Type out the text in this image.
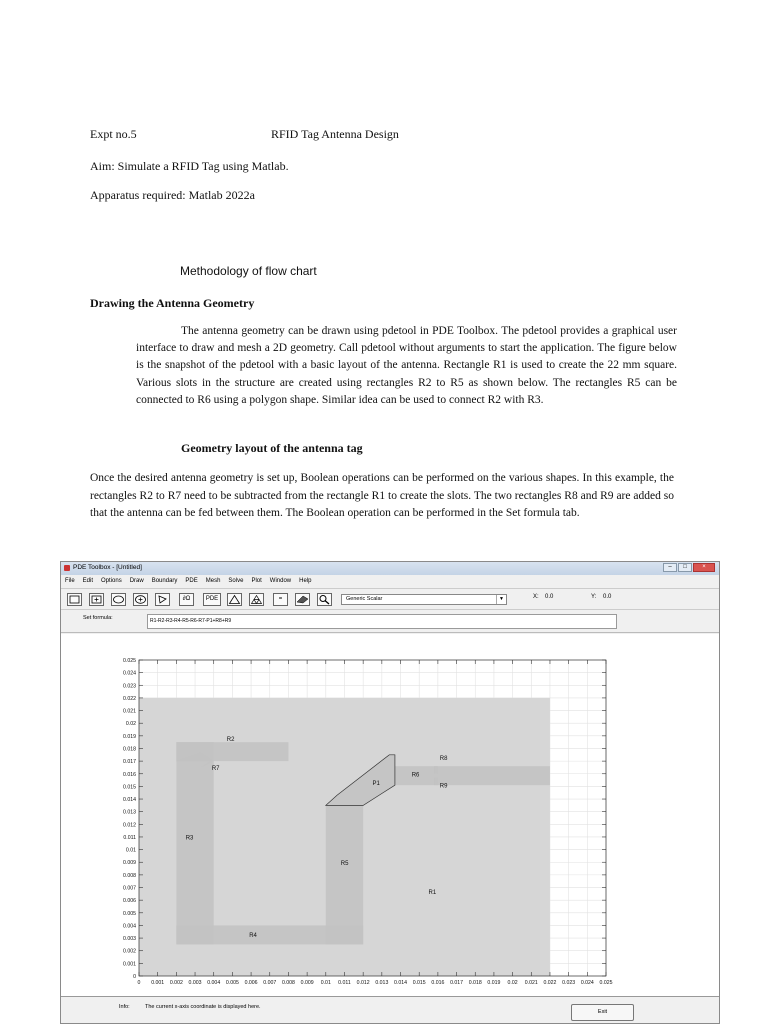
Expt no.5	RFID Tag Antenna Design
Aim: Simulate a RFID Tag using Matlab.
Apparatus required: Matlab 2022a
Methodology of flow chart
Drawing the Antenna Geometry
The antenna geometry can be drawn using pdetool in PDE Toolbox. The pdetool provides a graphical user interface to draw and mesh a 2D geometry. Call pdetool without arguments to start the application. The figure below is the snapshot of the pdetool with a basic layout of the antenna. Rectangle R1 is used to create the 22 mm square. Various slots in the structure are created using rectangles R2 to R5 as shown below. The rectangles R5 can be connected to R6 using a polygon shape. Similar idea can be used to connect R2 with R3.
Geometry layout of the antenna tag
Once the desired antenna geometry is set up, Boolean operations can be performed on the various shapes. In this example, the rectangles R2 to R7 need to be subtracted from the rectangle R1 to create the slots. The two rectangles R8 and R9 are added so that the antenna can be fed between them. The Boolean operation can be performed in the Set formula tab.
PDE Toolbox - [Untitled]	–	□	×
File Edit Options Draw Boundary PDE Mesh Solve Plot Window Help
∂Ω	PDE	=	Generic Scalar	▼	X: 0.0	Y: 0.0
Set formula:	R1-R2-R3-R4-R5-R6-R7-P1+R8+R9
R1
R2
R3
R4
R5
R6
R7
P1
R8
R9
0 0.001 0.002 0.003 0.004 0.005 0.006 0.007 0.008 0.009 0.01 0.011 0.012 0.013 0.014 0.015 0.016 0.017 0.018 0.019 0.02 0.021 0.022 0.023 0.024 0.025
0
0.001
0.002
0.003
0.004
0.005
0.006
0.007
0.008
0.009
0.01
0.011
0.012
0.013
0.014
0.015
0.016
0.017
0.018
0.019
0.02
0.021
0.022
0.023
0.024
0.025
Info:	The current x-axis coordinate is displayed here.
Exit
